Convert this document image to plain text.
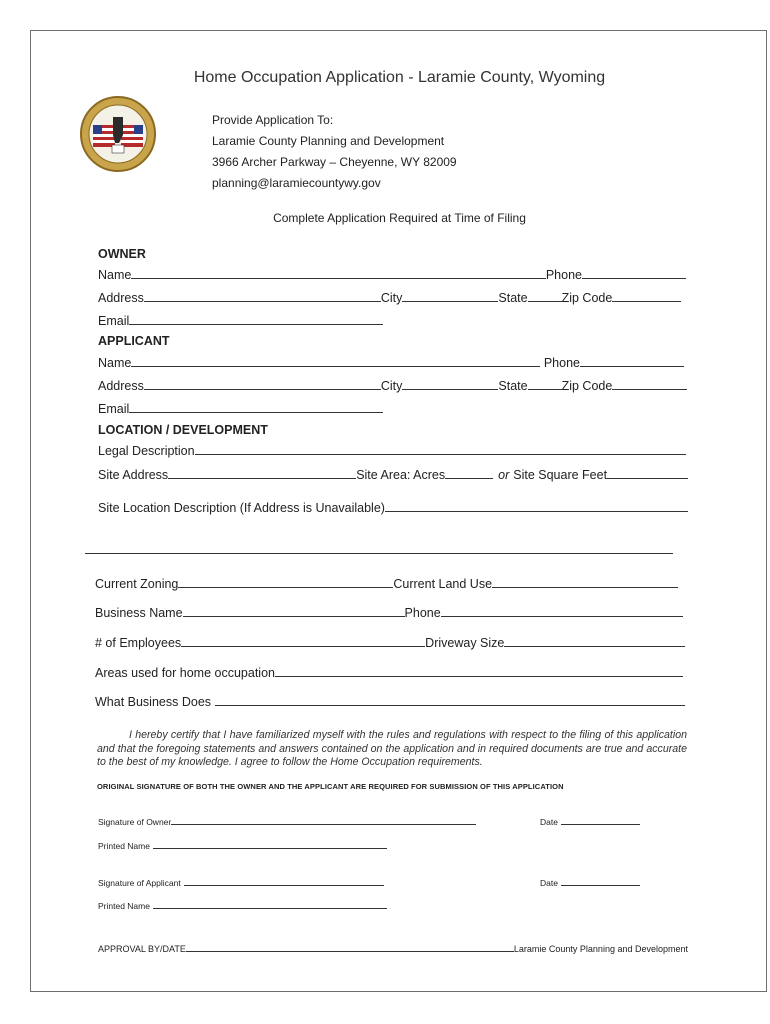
Home Occupation Application - Laramie County, Wyoming
Provide Application To:
Laramie County Planning and Development
3966 Archer Parkway – Cheyenne, WY 82009
planning@laramiecountywy.gov
Complete Application Required at Time of Filing
OWNER
Name	Phone
Address	City	State	Zip Code
Email
APPLICANT
Name	Phone
Address	City	State	Zip Code
Email
LOCATION / DEVELOPMENT
Legal Description
Site Address	Site Area: Acres	or Site Square Feet
Site Location Description (If Address is Unavailable)
Current Zoning	Current Land Use
Business Name	Phone
# of Employees	Driveway Size
Areas used for home occupation
What Business Does
I hereby certify that I have familiarized myself with the rules and regulations with respect to the filing of this application and that the foregoing statements and answers contained on the application and in required documents are true and accurate to the best of my knowledge. I agree to follow the Home Occupation requirements.
ORIGINAL SIGNATURE OF BOTH THE OWNER AND THE APPLICANT ARE REQUIRED FOR SUBMISSION OF THIS APPLICATION
Signature of Owner	Date
Printed Name
Signature of Applicant	Date
Printed Name
APPROVAL BY/DATE	Laramie County Planning and Development
